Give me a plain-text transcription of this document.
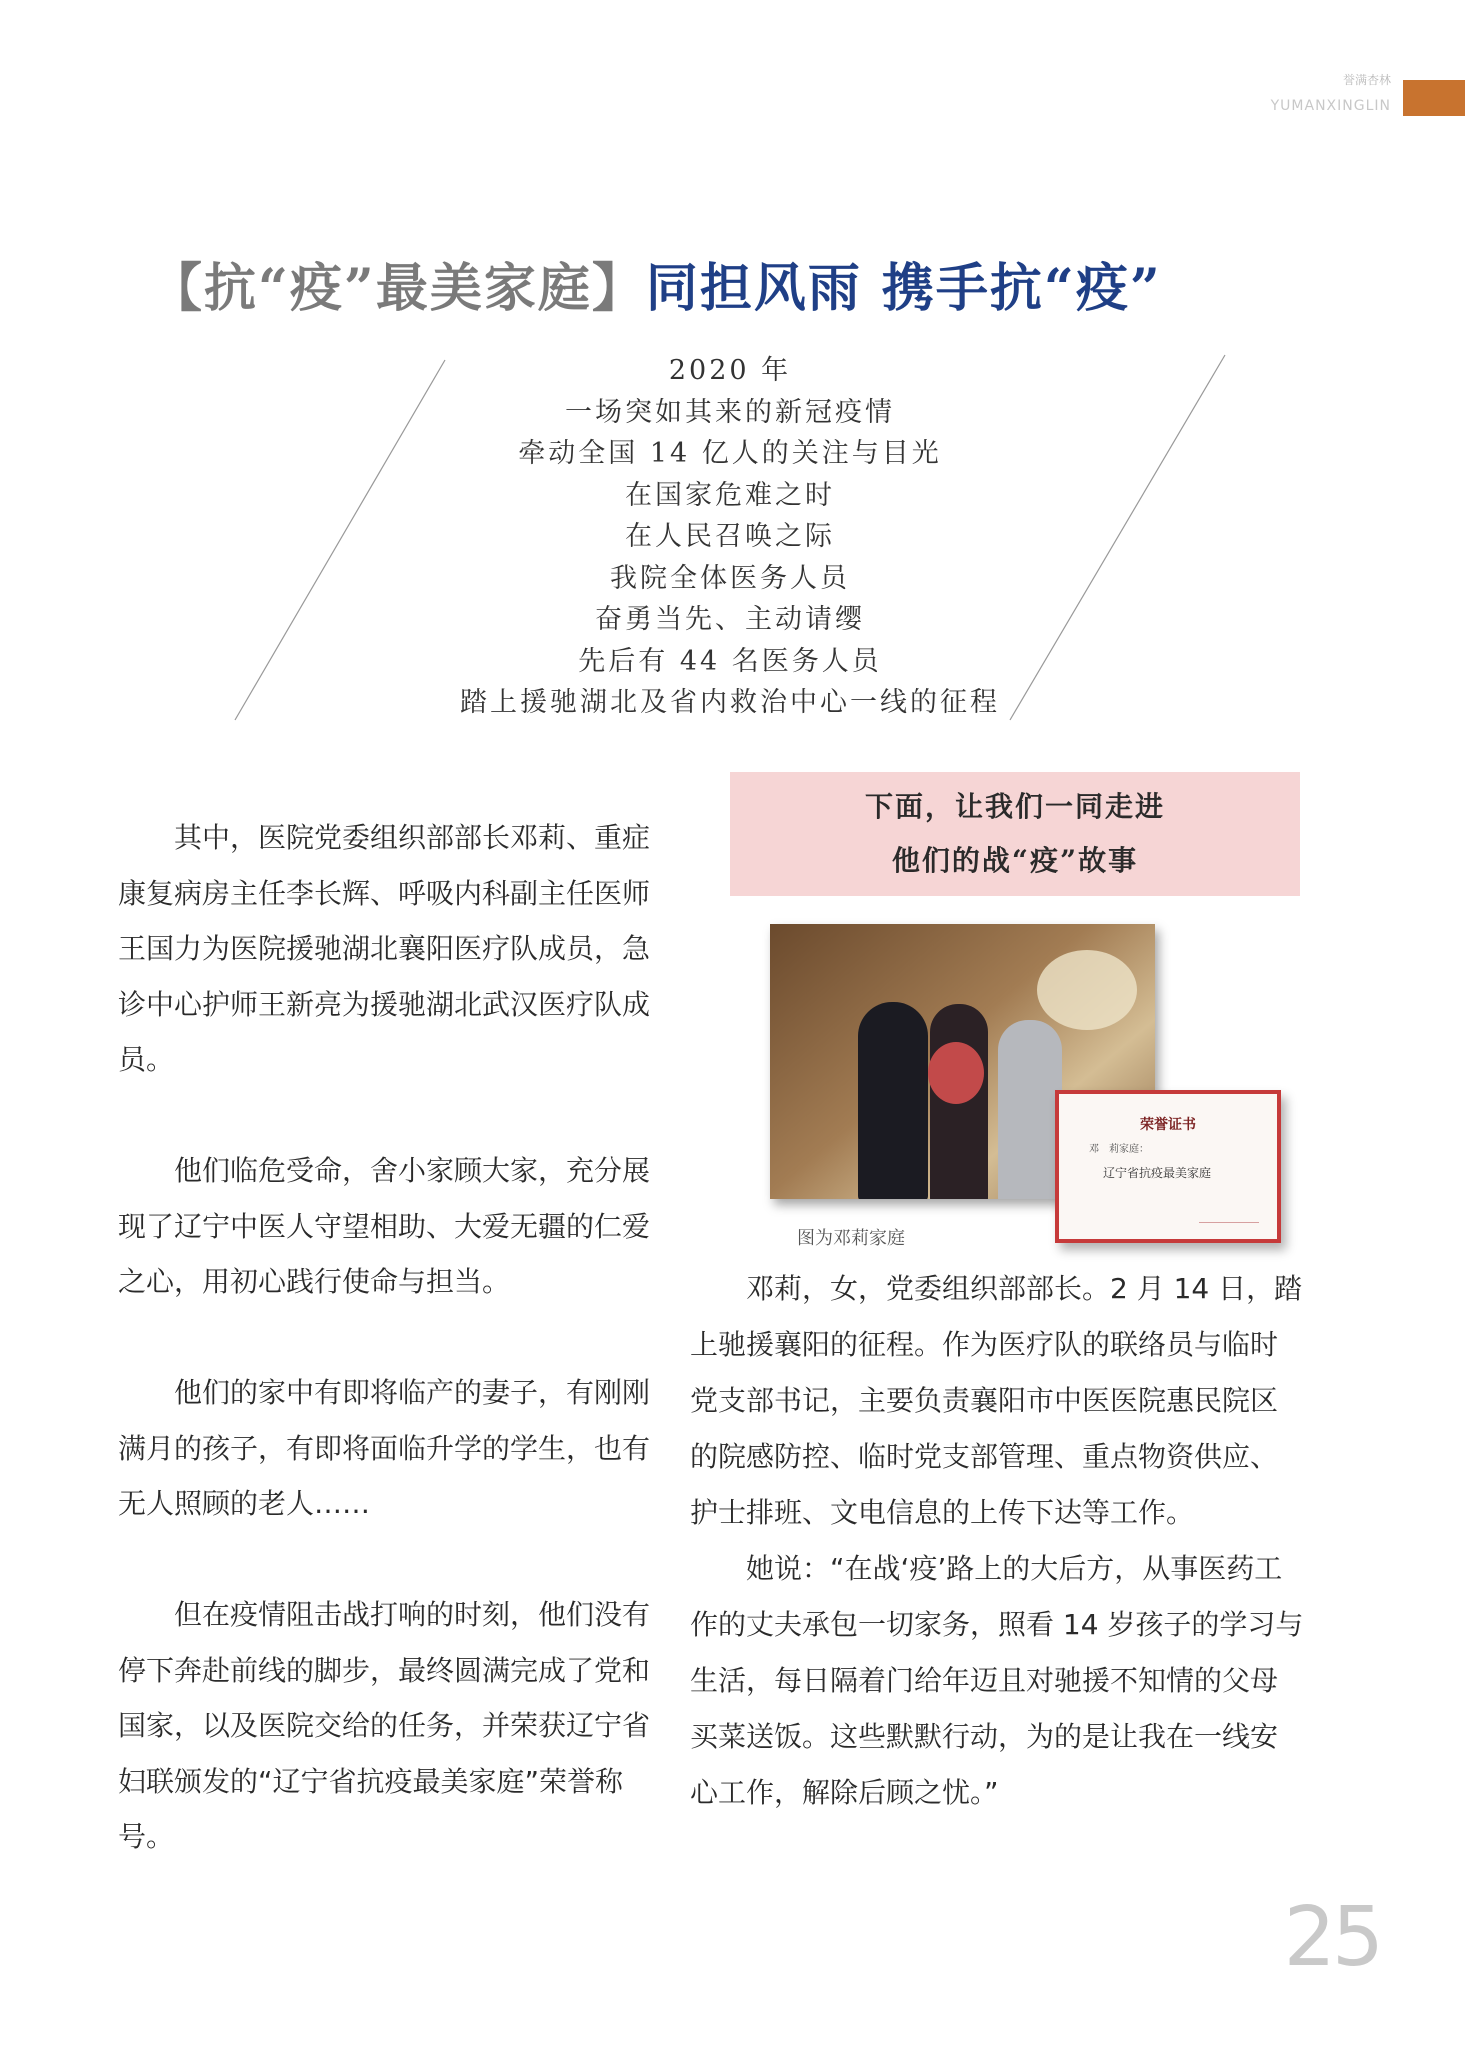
誉满杏林
YUMANXINGLIN
【抗“疫”最美家庭】同担风雨 携手抗“疫”
2020 年
一场突如其来的新冠疫情
牵动全国 14 亿人的关注与目光
在国家危难之时
在人民召唤之际
我院全体医务人员
奋勇当先、主动请缨
先后有 44 名医务人员
踏上援驰湖北及省内救治中心一线的征程

其中，医院党委组织部部长邓莉、重症康复病房主任李长辉、呼吸内科副主任医师王国力为医院援驰湖北襄阳医疗队成员，急诊中心护师王新亮为援驰湖北武汉医疗队成员。

他们临危受命，舍小家顾大家，充分展现了辽宁中医人守望相助、大爱无疆的仁爱之心，用初心践行使命与担当。

他们的家中有即将临产的妻子，有刚刚满月的孩子，有即将面临升学的学生，也有无人照顾的老人……

但在疫情阻击战打响的时刻，他们没有停下奔赴前线的脚步，最终圆满完成了党和国家，以及医院交给的任务，并荣获辽宁省妇联颁发的“辽宁省抗疫最美家庭”荣誉称号。

下面，让我们一同走进
他们的战“疫”故事
荣誉证书
邓　莉家庭：
辽宁省抗疫最美家庭
图为邓莉家庭

邓莉，女，党委组织部部长。2 月 14 日，踏上驰援襄阳的征程。作为医疗队的联络员与临时党支部书记，主要负责襄阳市中医医院惠民院区的院感防控、临时党支部管理、重点物资供应、护士排班、文电信息的上传下达等工作。

她说：“在战‘疫’路上的大后方，从事医药工作的丈夫承包一切家务，照看 14 岁孩子的学习与生活，每日隔着门给年迈且对驰援不知情的父母买菜送饭。这些默默行动，为的是让我在一线安心工作，解除后顾之忧。”

25
